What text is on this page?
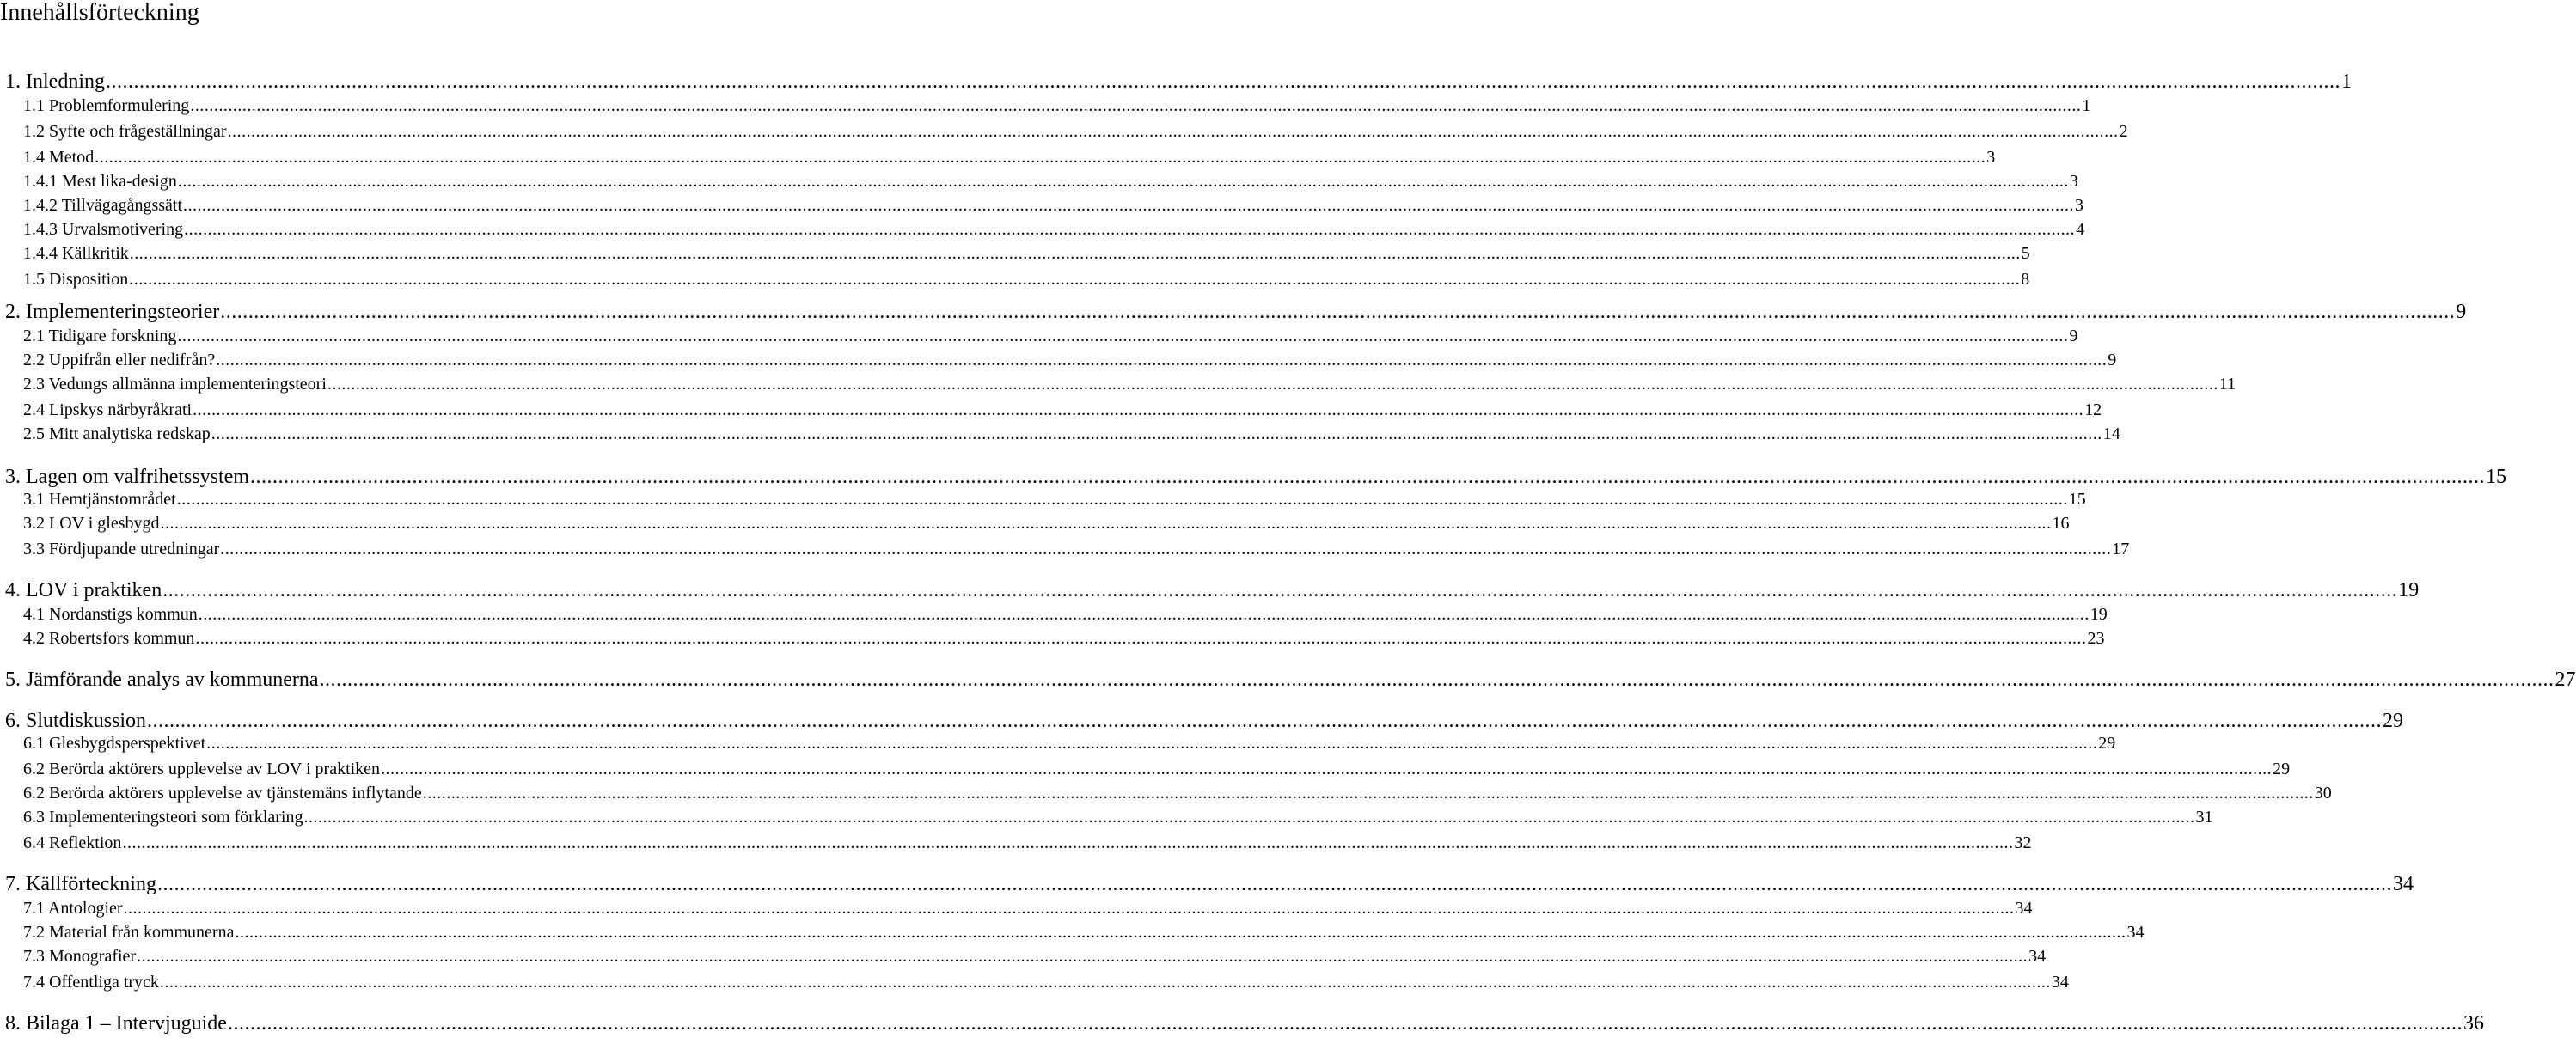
Innehållsförteckning
1. Inledning ................................................................................................................................................................................................................................................................................................................................................................................................................ 1
1.1 Problemformulering ................................................................................................................................................................................................................................................................................................................................................................................................................ 1
1.2 Syfte och frågeställningar ................................................................................................................................................................................................................................................................................................................................................................................................................ 2
1.4 Metod ................................................................................................................................................................................................................................................................................................................................................................................................................ 3
1.4.1 Mest lika-design ................................................................................................................................................................................................................................................................................................................................................................................................................ 3
1.4.2 Tillvägagångssätt ................................................................................................................................................................................................................................................................................................................................................................................................................ 3
1.4.3 Urvalsmotivering ................................................................................................................................................................................................................................................................................................................................................................................................................ 4
1.4.4 Källkritik ................................................................................................................................................................................................................................................................................................................................................................................................................ 5
1.5 Disposition ................................................................................................................................................................................................................................................................................................................................................................................................................ 8
2. Implementeringsteorier ................................................................................................................................................................................................................................................................................................................................................................................................................ 9
2.1 Tidigare forskning ................................................................................................................................................................................................................................................................................................................................................................................................................ 9
2.2 Uppifrån eller nedifrån? ................................................................................................................................................................................................................................................................................................................................................................................................................ 9
2.3 Vedungs allmänna implementeringsteori ................................................................................................................................................................................................................................................................................................................................................................................................................ 11
2.4 Lipskys närbyråkrati ................................................................................................................................................................................................................................................................................................................................................................................................................ 12
2.5 Mitt analytiska redskap ................................................................................................................................................................................................................................................................................................................................................................................................................ 14
3. Lagen om valfrihetssystem ................................................................................................................................................................................................................................................................................................................................................................................................................ 15
3.1 Hemtjänstområdet ................................................................................................................................................................................................................................................................................................................................................................................................................ 15
3.2 LOV i glesbygd ................................................................................................................................................................................................................................................................................................................................................................................................................ 16
3.3 Fördjupande utredningar ................................................................................................................................................................................................................................................................................................................................................................................................................ 17
4. LOV i praktiken ................................................................................................................................................................................................................................................................................................................................................................................................................ 19
4.1 Nordanstigs kommun ................................................................................................................................................................................................................................................................................................................................................................................................................ 19
4.2 Robertsfors kommun ................................................................................................................................................................................................................................................................................................................................................................................................................ 23
5. Jämförande analys av kommunerna ................................................................................................................................................................................................................................................................................................................................................................................................................ 27
6. Slutdiskussion ................................................................................................................................................................................................................................................................................................................................................................................................................ 29
6.1 Glesbygdsperspektivet ................................................................................................................................................................................................................................................................................................................................................................................................................ 29
6.2 Berörda aktörers upplevelse av LOV i praktiken ................................................................................................................................................................................................................................................................................................................................................................................................................ 29
6.2 Berörda aktörers upplevelse av tjänstemäns inflytande ................................................................................................................................................................................................................................................................................................................................................................................................................ 30
6.3 Implementeringsteori som förklaring ................................................................................................................................................................................................................................................................................................................................................................................................................ 31
6.4 Reflektion ................................................................................................................................................................................................................................................................................................................................................................................................................ 32
7. Källförteckning ................................................................................................................................................................................................................................................................................................................................................................................................................ 34
7.1 Antologier ................................................................................................................................................................................................................................................................................................................................................................................................................ 34
7.2 Material från kommunerna ................................................................................................................................................................................................................................................................................................................................................................................................................ 34
7.3 Monografier ................................................................................................................................................................................................................................................................................................................................................................................................................ 34
7.4 Offentliga tryck ................................................................................................................................................................................................................................................................................................................................................................................................................ 34
8. Bilaga 1 – Intervjuguide ................................................................................................................................................................................................................................................................................................................................................................................................................ 36
